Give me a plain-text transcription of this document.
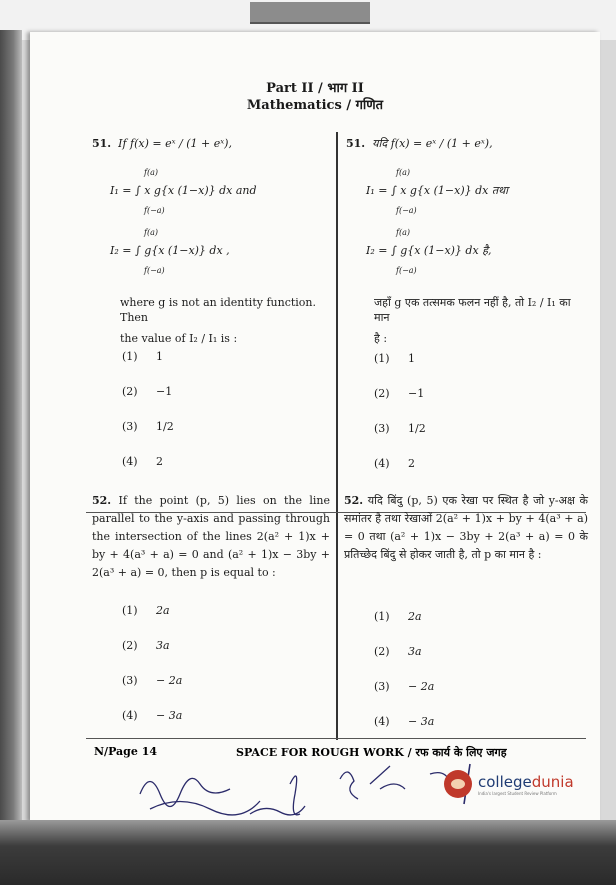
Part II / भाग II
Mathematics / गणित
51. If f(x) = eˣ / (1 + eˣ),
f(a)
I₁ = ∫ x g{x (1−x)} dx and
f(−a)
f(a)
I₂ = ∫ g{x (1−x)} dx ,
f(−a)
where g is not an identity function. Then
the value of I₂ / I₁ is :
(1)	1
(2)	−1
(3)	1/2
(4)	2
51. यदि f(x) = eˣ / (1 + eˣ),
f(a)
I₁ = ∫ x g{x (1−x)} dx तथा
f(−a)
f(a)
I₂ = ∫ g{x (1−x)} dx है,
f(−a)
जहाँ g एक तत्समक फलन नहीं है, तो I₂ / I₁ का मान
है :
(1)	1
(2)	−1
(3)	1/2
(4)	2
52. If the point (p, 5) lies on the line parallel to the y-axis and passing through the intersection of the lines 2(a² + 1)x + by + 4(a³ + a) = 0 and (a² + 1)x − 3by + 2(a³ + a) = 0, then p is equal to :
(1)	2a
(2)	3a
(3)	− 2a
(4)	− 3a
52. यदि बिंदु (p, 5) एक रेखा पर स्थित है जो y-अक्ष के समांतर है तथा रेखाओं 2(a² + 1)x + by + 4(a³ + a) = 0 तथा (a² + 1)x − 3by + 2(a³ + a) = 0 के प्रतिच्छेद बिंदु से होकर जाती है, तो p का मान है :
(1)	2a
(2)	3a
(3)	− 2a
(4)	− 3a
N/Page 14	SPACE FOR ROUGH WORK / रफ कार्य के लिए जगह
collegedunia
India's largest Student Review Platform
